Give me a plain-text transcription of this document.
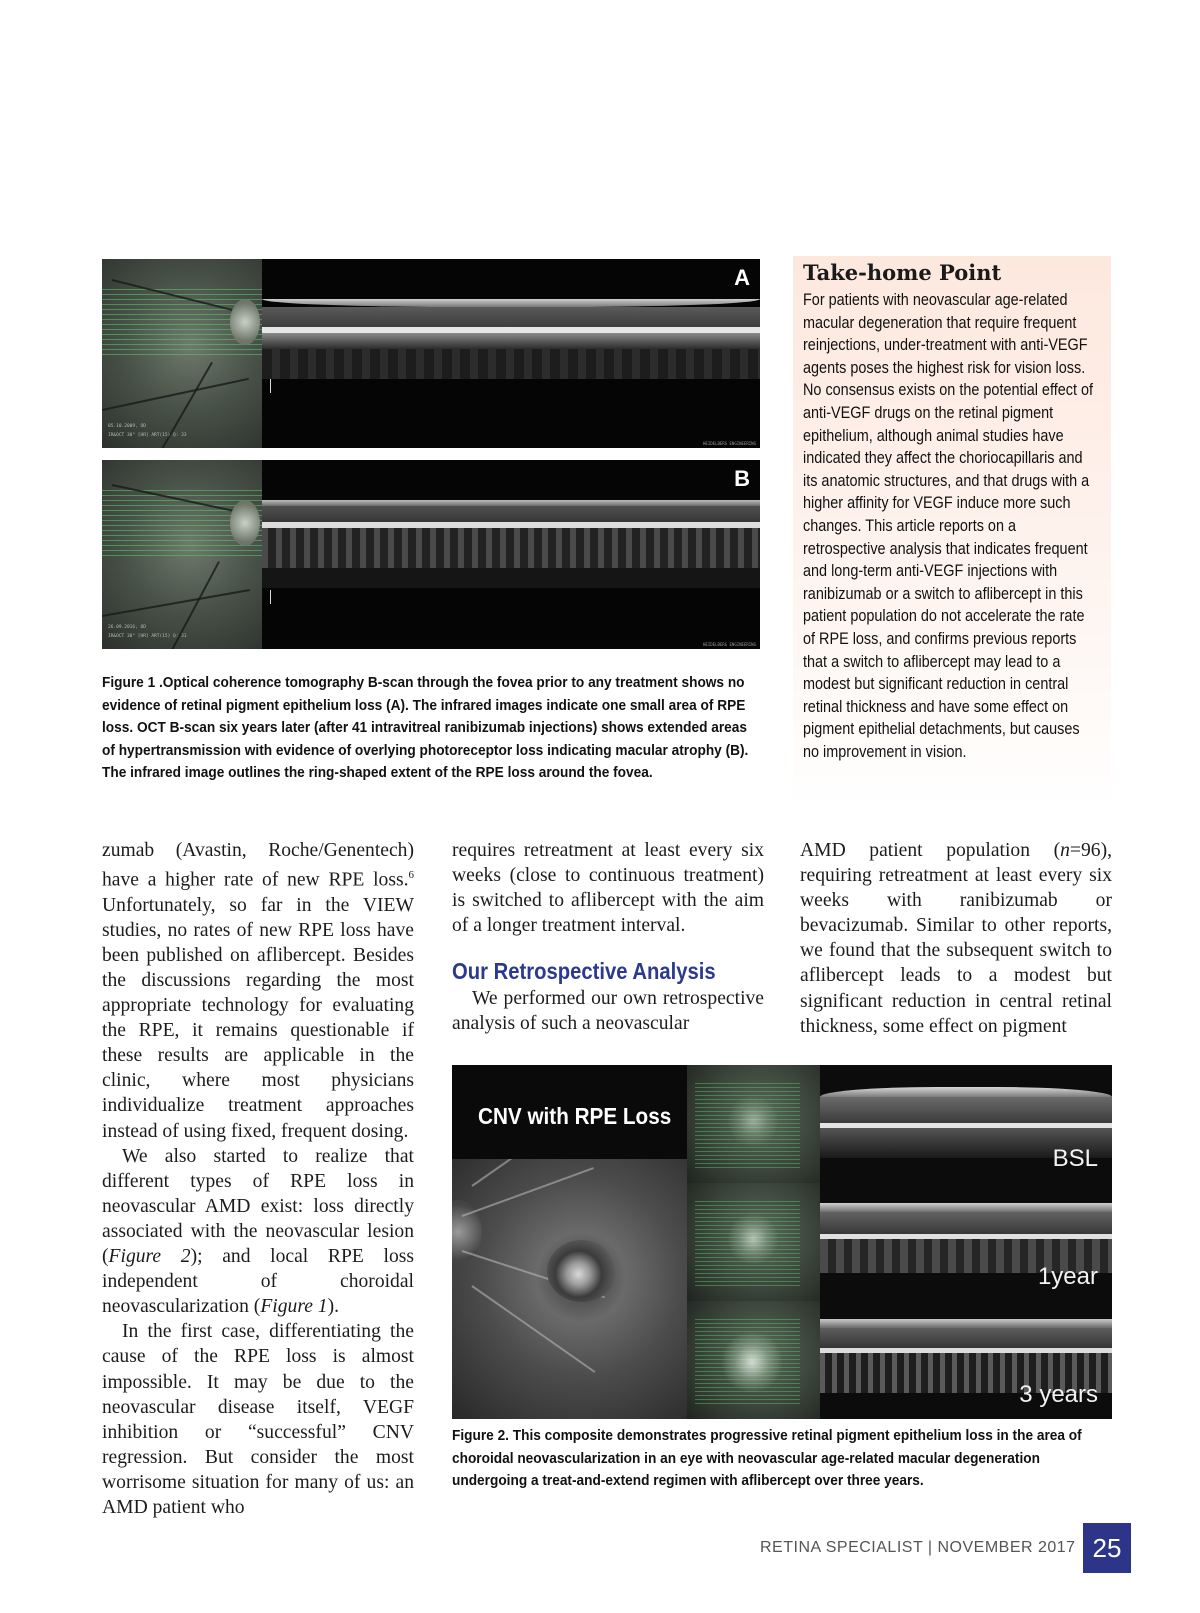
05.10.2009, OD
IR&OCT 30° [HR] ART(15) Q: 33
HEIDELBERG ENGINEERING
A
26.09.2016, OD
IR&OCT 30° [HR] ART(15) Q: 31
HEIDELBERG ENGINEERING
B
Figure 1 .Optical coherence tomography B-scan through the fovea prior to any treatment shows no evidence of retinal pigment epithelium loss (A). The infrared images indicate one small area of RPE loss. OCT B-scan six years later (after 41 intravitreal ranibizumab injections) shows extended areas of hypertransmission with evidence of overlying photoreceptor loss indicating macular atrophy (B). The infrared image outlines the ring-shaped extent of the RPE loss around the fovea.
Take-home Point

For patients with neovascular age-related macular degeneration that require frequent reinjections, under-treatment with anti-VEGF agents poses the highest risk for vision loss. No consensus exists on the potential effect of anti-VEGF drugs on the retinal pigment epithelium, although animal studies have indicated they affect the choriocapillaris and its anatomic structures, and that drugs with a higher affinity for VEGF induce more such changes. This article reports on a retrospective analysis that indicates frequent and long-term anti-VEGF injections with ranibizumab or a switch to aflibercept in this patient population do not accelerate the rate of RPE loss, and confirms previous reports that a switch to aflibercept may lead to a modest but significant reduction in central retinal thickness and have some effect on pigment epithelial detachments, but causes no improvement in vision.

zumab (Avastin, Roche/Genentech) have a higher rate of new RPE loss.$^6$ Unfortunately, so far in the VIEW studies, no rates of new RPE loss have been published on aflibercept. Besides the discussions regarding the most appropriate technology for evaluating the RPE, it remains questionable if these results are applicable in the clinic, where most physicians individualize treatment approaches instead of using fixed, frequent dosing.

We also started to realize that different types of RPE loss in neovascular AMD exist: loss directly associated with the neovascular lesion (Figure 2); and local RPE loss independent of choroidal neovascularization (Figure 1).

In the first case, differentiating the cause of the RPE loss is almost impossible. It may be due to the neovascular disease itself, VEGF inhibition or “successful” CNV regression. But consider the most worrisome situation for many of us: an AMD patient who

requires retreatment at least every six weeks (close to continuous treatment) is switched to aflibercept with the aim of a longer treatment interval.

Our Retrospective Analysis

We performed our own retrospective analysis of such a neovascular

AMD patient population (n=96), requiring retreatment at least every six weeks with ranibizumab or bevacizumab. Similar to other reports, we found that the subsequent switch to aflibercept leads to a modest but significant reduction in central retinal thickness, some effect on pigment

CNV with RPE Loss
BSL
1year
3 years
Figure 2. This composite demonstrates progressive retinal pigment epithelium loss in the area of choroidal neovascularization in an eye with neovascular age-related macular degeneration undergoing a treat-and-extend regimen with aflibercept over three years.
RETINA SPECIALIST | NOVEMBER 2017 25
